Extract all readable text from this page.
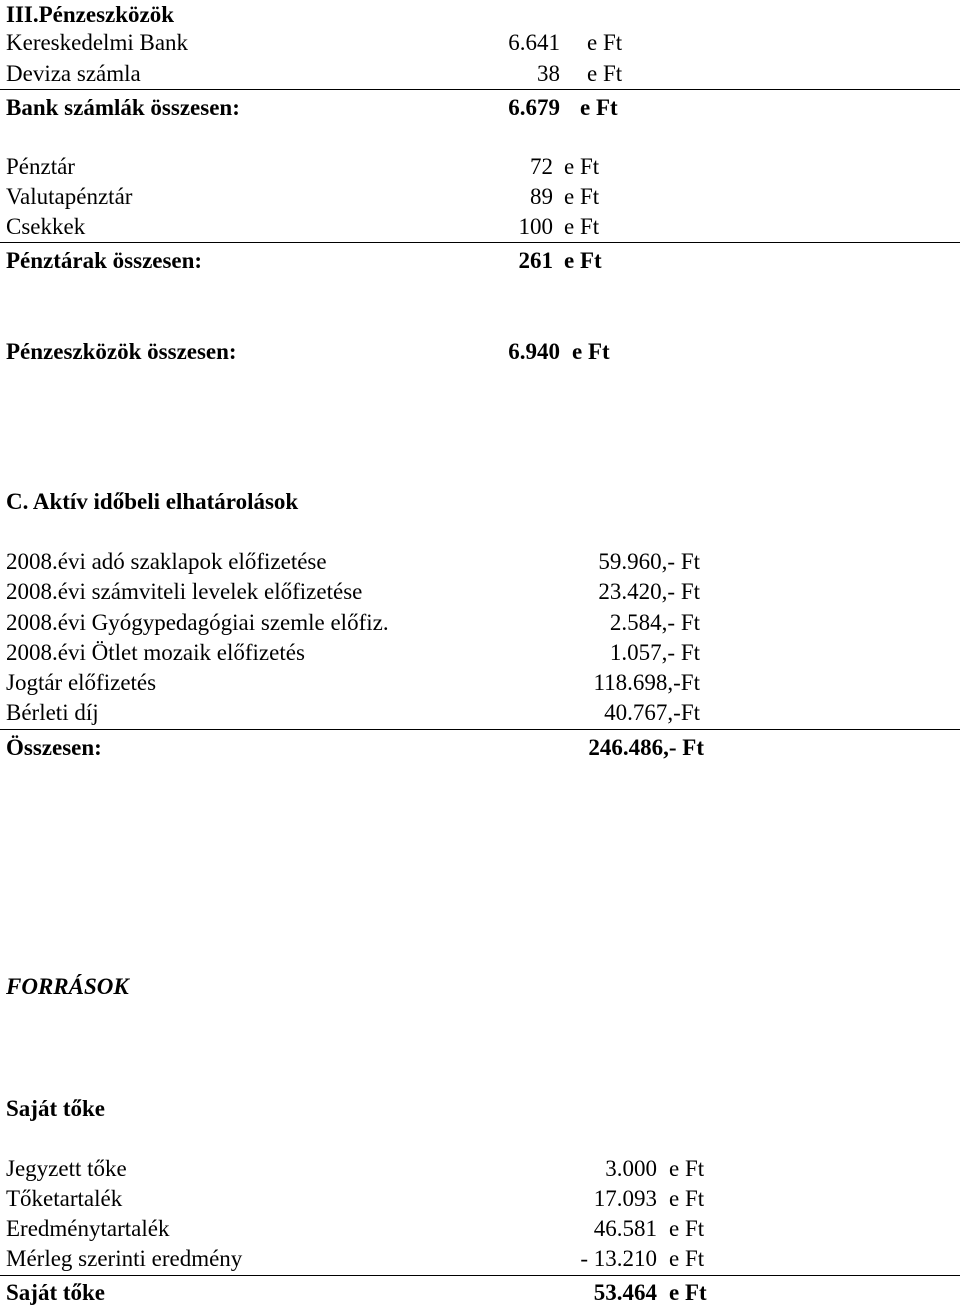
III.Pénzeszközök
Kereskedelmi Bank	6.641 e Ft
Deviza számla	38 e Ft
Bank számlák összesen:	6.679 e Ft
Pénztár	72 e Ft
Valutapénztár	89 e Ft
Csekkek	100 e Ft
Pénztárak összesen:	261 e Ft
Pénzeszközök összesen:	6.940 e Ft
C. Aktív időbeli elhatárolások
2008.évi adó szaklapok előfizetése	59.960,- Ft
2008.évi számviteli levelek előfizetése	23.420,- Ft
2008.évi Gyógypedagógiai szemle előfiz.	2.584,- Ft
2008.évi Ötlet mozaik előfizetés	1.057,- Ft
Jogtár előfizetés	118.698,-Ft
Bérleti díj	40.767,-Ft
Összesen:	246.486,- Ft
FORRÁSOK
Saját tőke
Jegyzett tőke	3.000 e Ft
Tőketartalék	17.093 e Ft
Eredménytartalék	46.581 e Ft
Mérleg szerinti eredmény	- 13.210 e Ft
Saját tőke	53.464 e Ft
